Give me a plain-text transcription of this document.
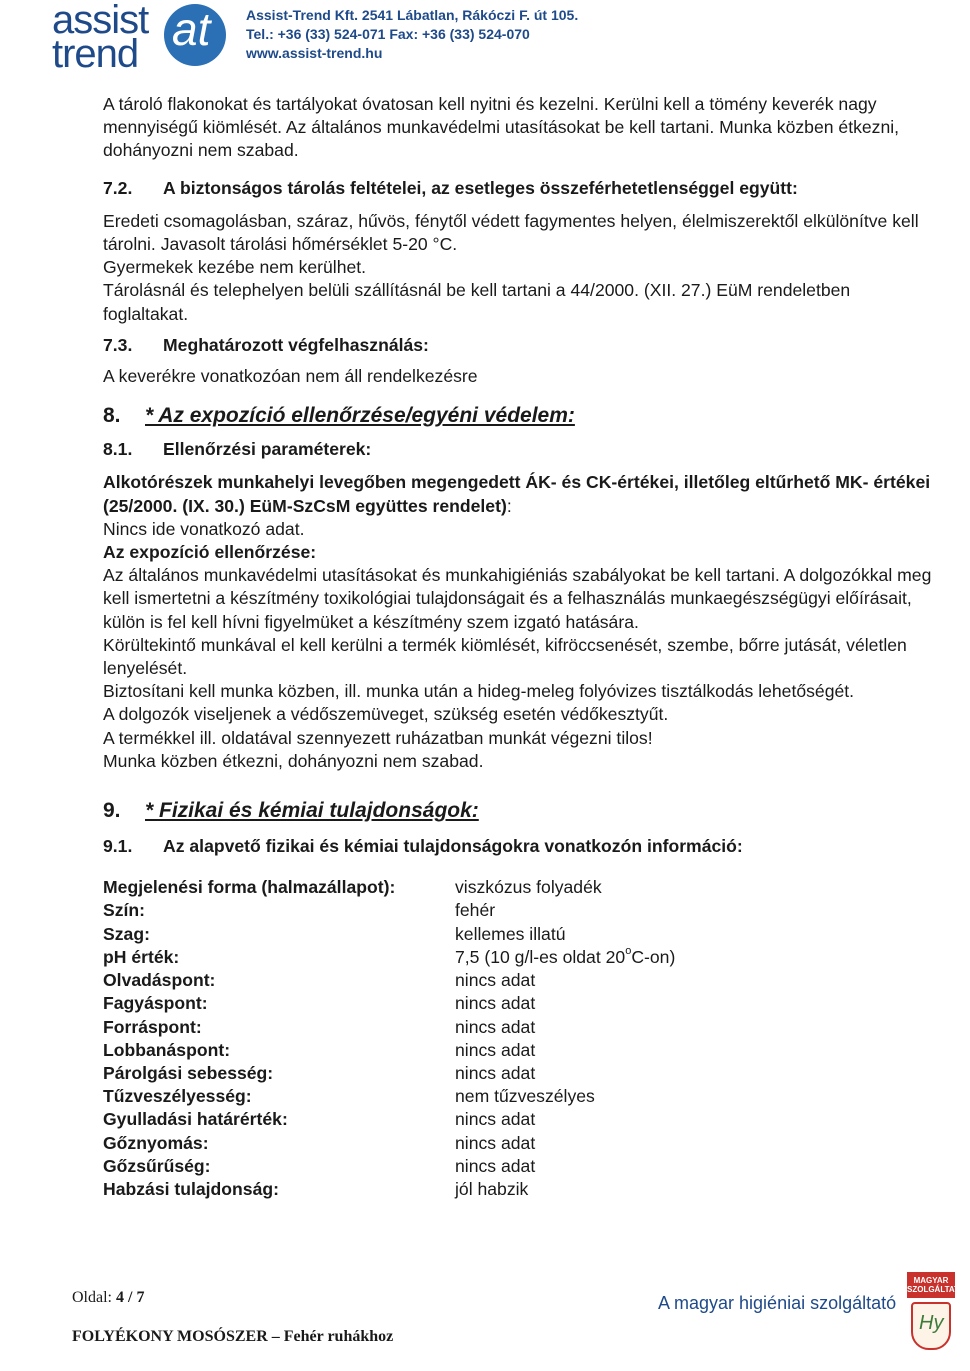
assist
trend at	Assist-Trend Kft. 2541 Lábatlan, Rákóczi F. út 105.
Tel.: +36 (33) 524-071 Fax: +36 (33) 524-070
www.assist-trend.hu

A tároló flakonokat és tartályokat óvatosan kell nyitni és kezelni. Kerülni kell a tömény keverék nagy mennyiségű kiömlését. Az általános munkavédelmi utasításokat be kell tartani. Munka közben étkezni, dohányozni nem szabad.

7.2.	A biztonságos tárolás feltételei, az esetleges összeférhetetlenséggel együtt:

Eredeti csomagolásban, száraz, hűvös, fénytől védett fagymentes helyen, élelmiszerektől elkülönítve kell tárolni. Javasolt tárolási hőmérséklet 5-20 °C.

Gyermekek kezébe nem kerülhet.

Tárolásnál és telephelyen belüli szállításnál be kell tartani a 44/2000. (XII. 27.) EüM rendeletben foglaltakat.

7.3.	Meghatározott végfelhasználás:

A keverékre vonatkozóan nem áll rendelkezésre

8.	* Az expozíció ellenőrzése/egyéni védelem:
8.1.	Ellenőrzési paraméterek:

Alkotórészek munkahelyi levegőben megengedett ÁK- és CK-értékei, illetőleg eltűrhető MK- értékei (25/2000. (IX. 30.) EüM-SzCsM együttes rendelet):

Nincs ide vonatkozó adat.

Az expozíció ellenőrzése:

Az általános munkavédelmi utasításokat és munkahigiéniás szabályokat be kell tartani. A dolgozókkal meg kell ismertetni a készítmény toxikológiai tulajdonságait és a felhasználás munkaegészségügyi előírásait, külön is fel kell hívni figyelmüket a készítmény szem izgató hatására.

Körültekintő munkával el kell kerülni a termék kiömlését, kifröccsenését, szembe, bőrre jutását, véletlen lenyelését.

Biztosítani kell munka közben, ill. munka után a hideg-meleg folyóvizes tisztálkodás lehetőségét.

A dolgozók viseljenek a védőszemüveget, szükség esetén védőkesztyűt.

A termékkel ill. oldatával szennyezett ruházatban munkát végezni tilos!

Munka közben étkezni, dohányozni nem szabad.

9.	* Fizikai és kémiai tulajdonságok:
9.1.	Az alapvető fizikai és kémiai tulajdonságokra vonatkozón információ:
Megjelenési forma (halmazállapot):	viszkózus folyadék
Szín:	fehér
Szag:	kellemes illatú
pH érték:	7,5 (10 g/l-es oldat 20$^o$C-on)
Olvadáspont:	nincs adat
Fagyáspont:	nincs adat
Forráspont:	nincs adat
Lobbanáspont:	nincs adat
Párolgási sebesség:	nincs adat
Tűzveszélyesség:	nem tűzveszélyes
Gyulladási határérték:	nincs adat
Gőznyomás:	nincs adat
Gőzsűrűség:	nincs adat
Habzási tulajdonság:	jól habzik
Oldal: 4 / 7
FOLYÉKONY MOSÓSZER – Fehér ruhákhoz
A magyar higiéniai szolgáltató
MAGYAR SZOLGÁLTATÁS
Hy
